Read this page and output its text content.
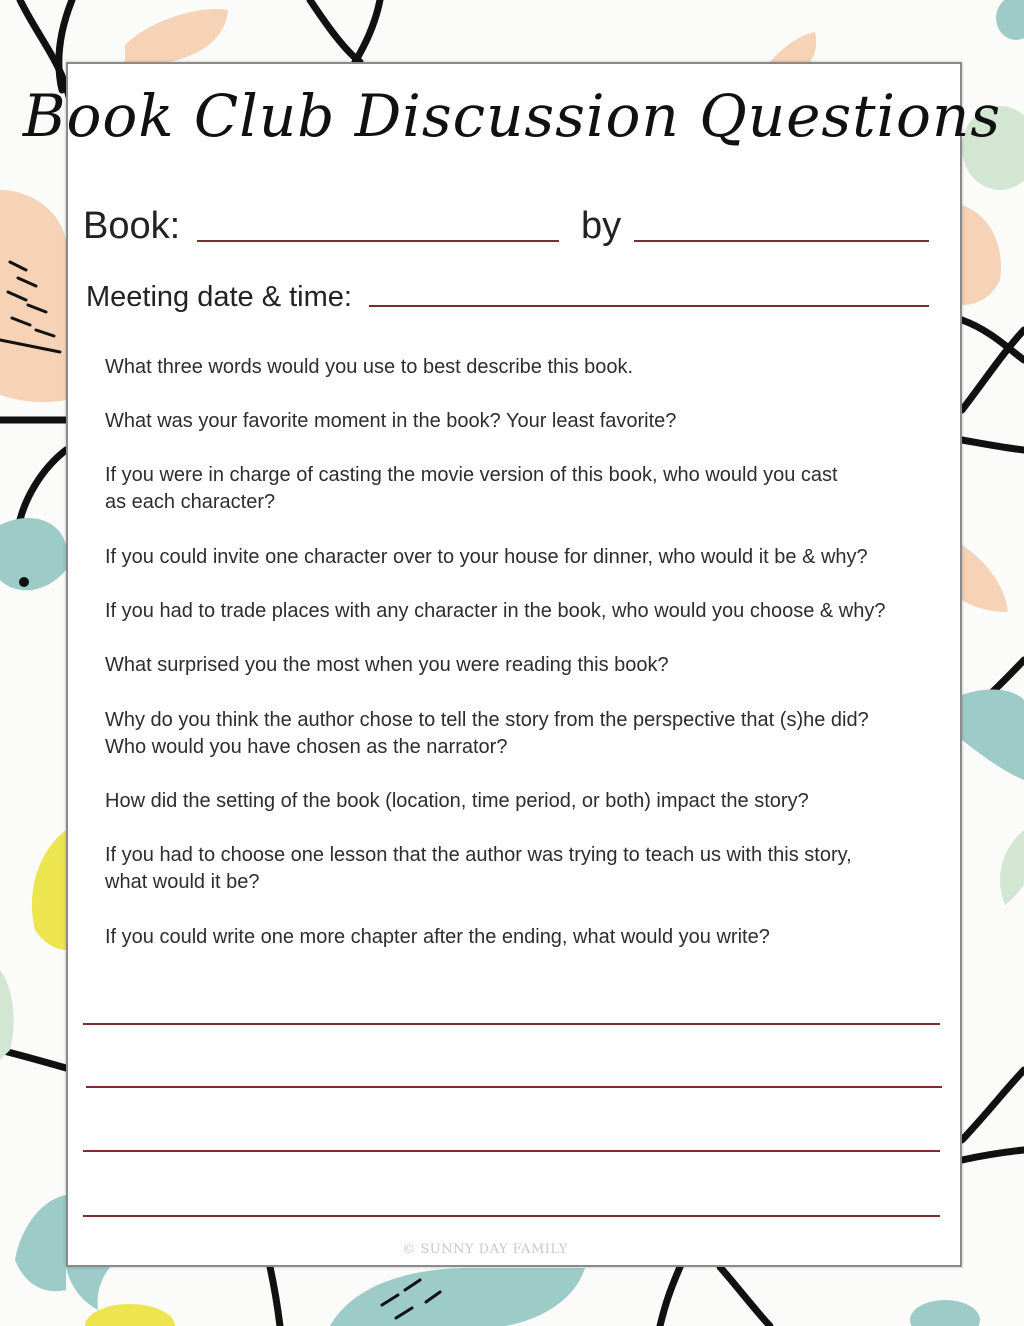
Book Club Discussion Questions
Book:	by
Meeting date & time:

What three words would you use to best describe this book.

What was your favorite moment in the book? Your least favorite?

If you were in charge of casting the movie version of this book, who would you cast
as each character?

If you could invite one character over to your house for dinner, who would it be & why?

If you had to trade places with any character in the book, who would you choose & why?

What surprised you the most when you were reading this book?

Why do you think the author chose to tell the story from the perspective that (s)he did?
Who would you have chosen as the narrator?

How did the setting of the book (location, time period, or both) impact the story?

If you had to choose one lesson that the author was trying to teach us with this story,
what would it be?

If you could write one more chapter after the ending, what would you write?

© SUNNY DAY FAMILY
